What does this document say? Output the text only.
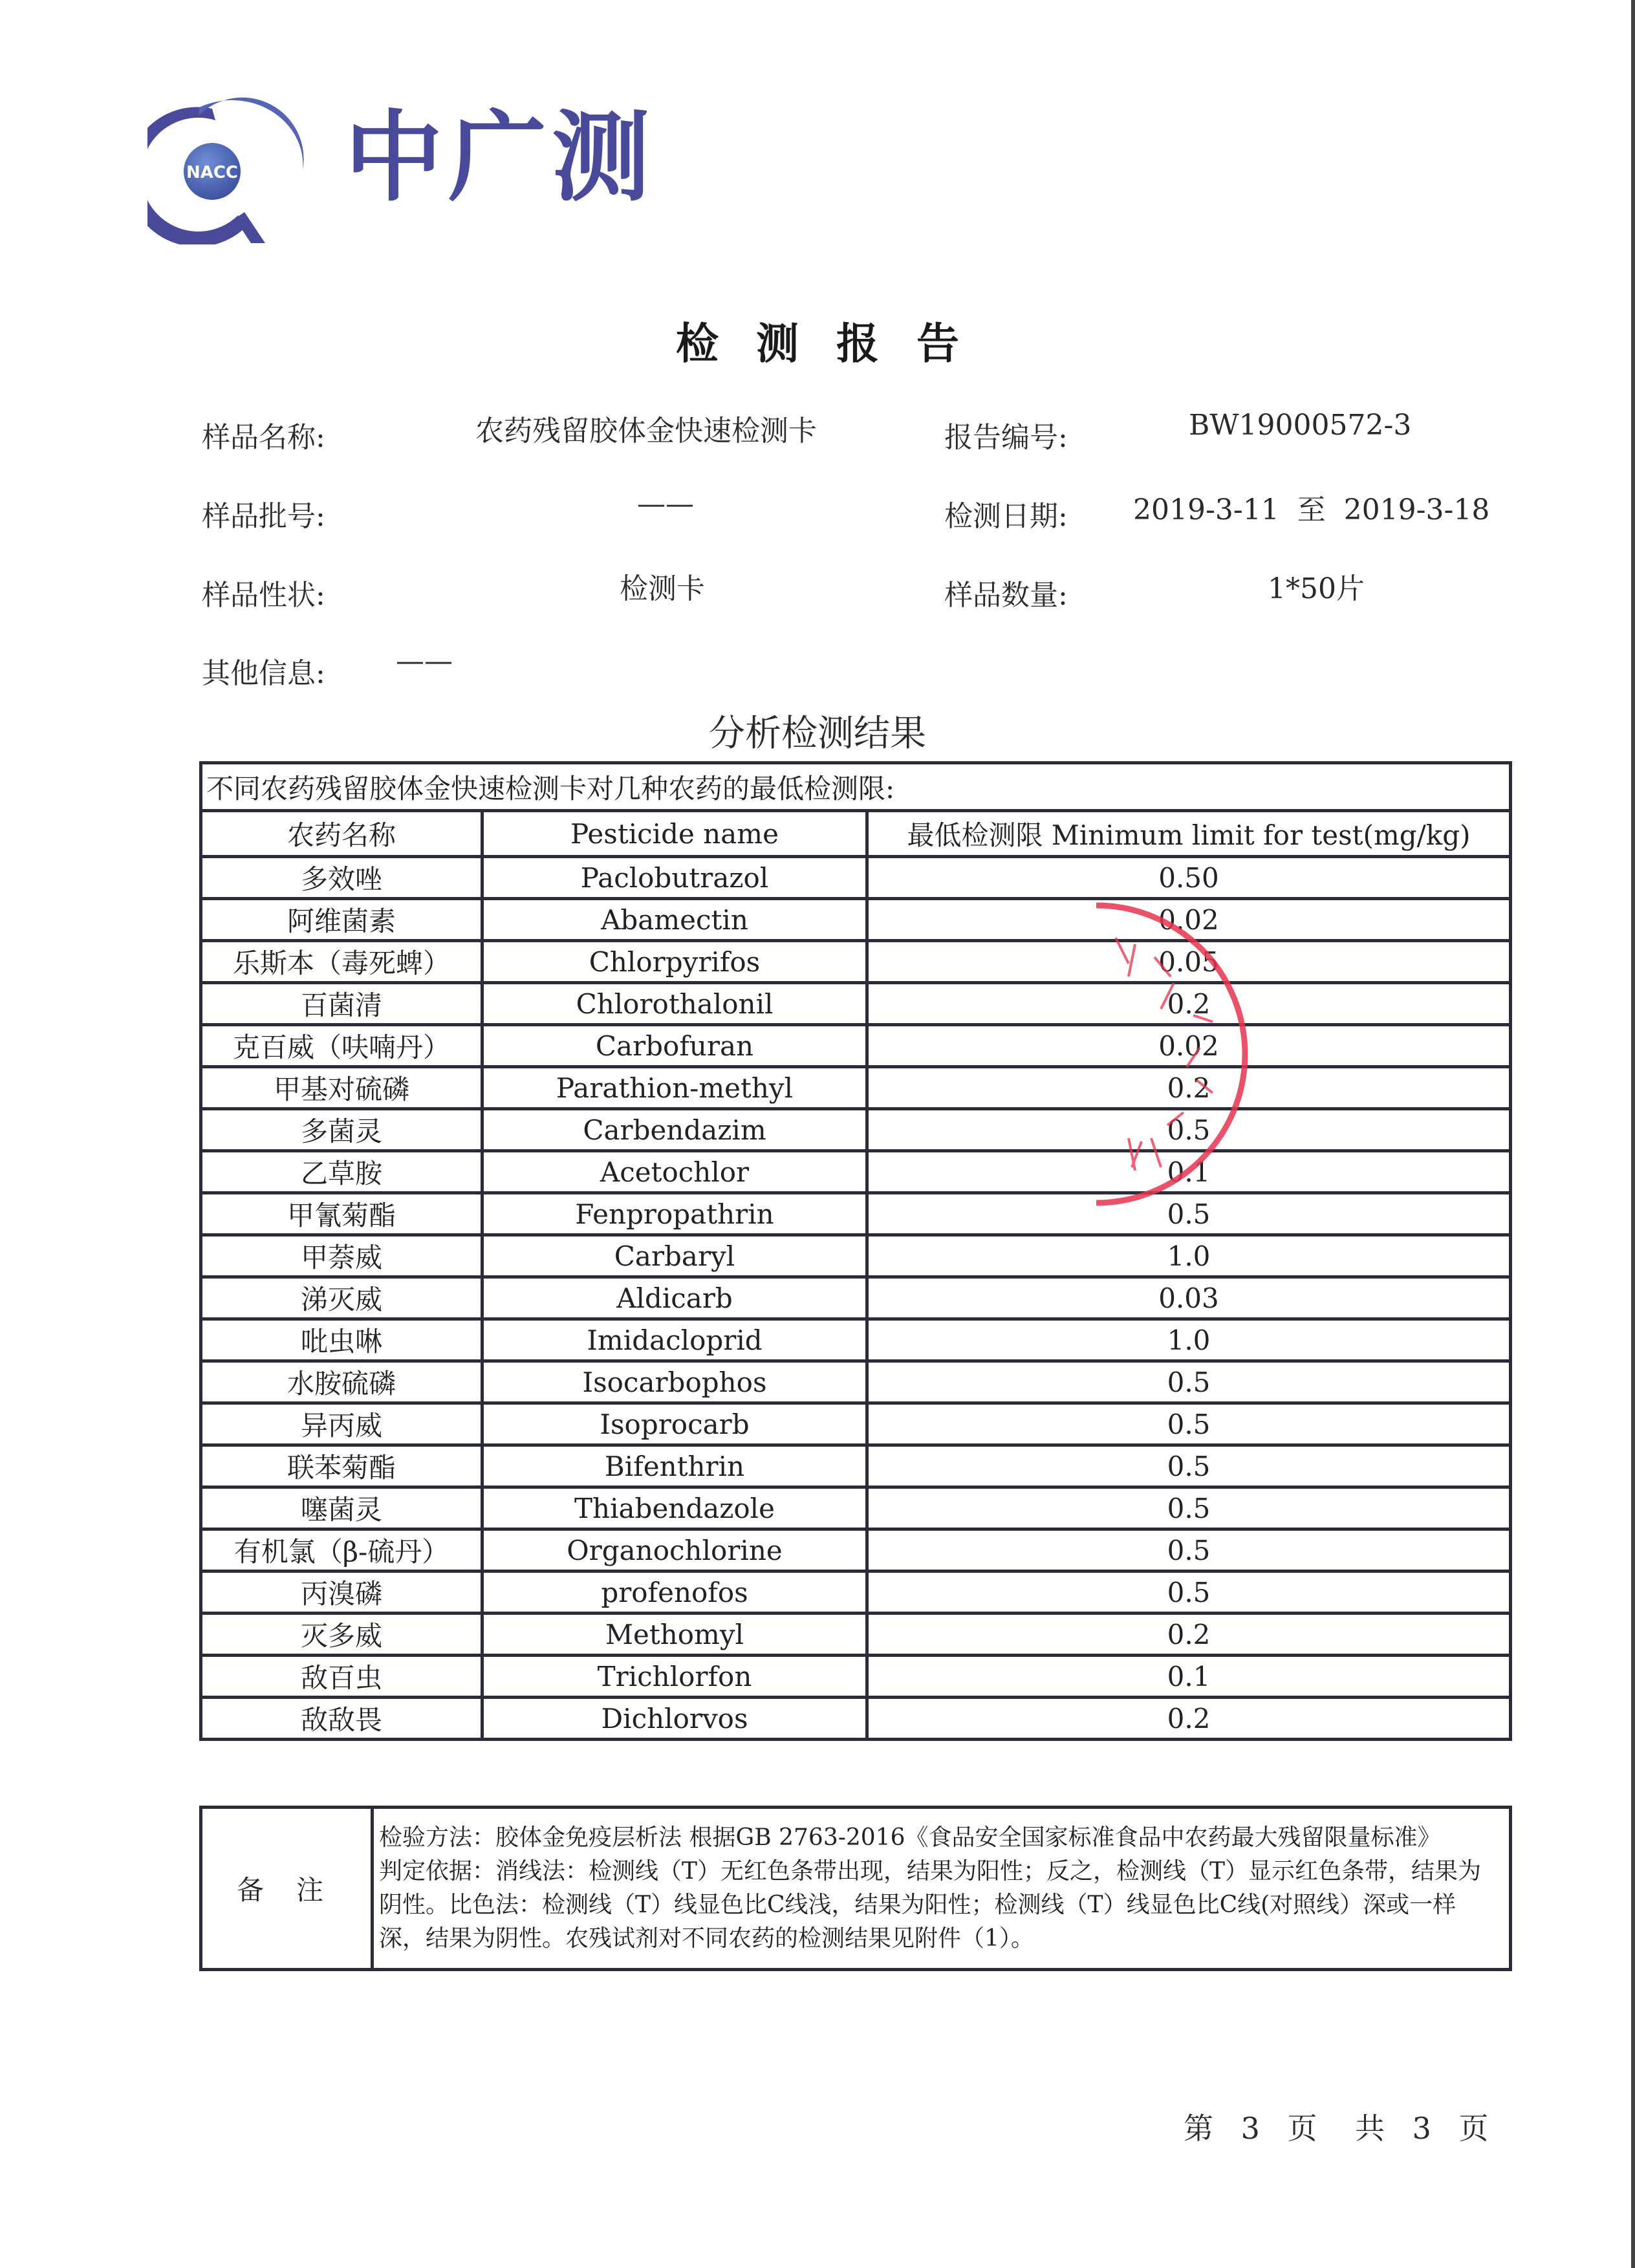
NACC 中广测
检测报告
样品名称:	农药残留胶体金快速检测卡	报告编号:	BW19000572-3
样品批号:	——	检测日期: 2019-3-11  至  2019-3-18
样品性状:	检测卡	样品数量:	1*50片
其他信息: ——
分析检测结果
不同农药残留胶体金快速检测卡对几种农药的最低检测限:		
农药名称	Pesticide name	最低检测限 Minimum limit for test(mg/kg)
多效唑	Paclobutrazol	0.50
阿维菌素	Abamectin	0.02
乐斯本（毒死蜱）	Chlorpyrifos	0.05
百菌清	Chlorothalonil	0.2
克百威（呋喃丹）	Carbofuran	0.02
甲基对硫磷	Parathion-methyl	0.2
多菌灵	Carbendazim	0.5
乙草胺	Acetochlor	0.1
甲氰菊酯	Fenpropathrin	0.5
甲萘威	Carbaryl	1.0
涕灭威	Aldicarb	0.03
吡虫啉	Imidacloprid	1.0
水胺硫磷	Isocarbophos	0.5
异丙威	Isoprocarb	0.5
联苯菊酯	Bifenthrin	0.5
噻菌灵	Thiabendazole	0.5
有机氯（β-硫丹）	Organochlorine	0.5
丙溴磷	profenofos	0.5
灭多威	Methomyl	0.2
敌百虫	Trichlorfon	0.1
敌敌畏	Dichlorvos	0.2
备注	
检验方法：胶体金免疫层析法 根据GB 2763-2016《食品安全国家标准食品中农药最大残留限量标准》
判定依据：消线法：检测线（T）无红色条带出现，结果为阳性；反之，检测线（T）显示红色条带，结果为
阴性。比色法：检测线（T）线显色比C线浅，结果为阳性；检测线（T）线显色比C线(对照线）深或一样
深，结果为阴性。农残试剂对不同农药的检测结果见附件（1）。
第 3 页 共 3 页
